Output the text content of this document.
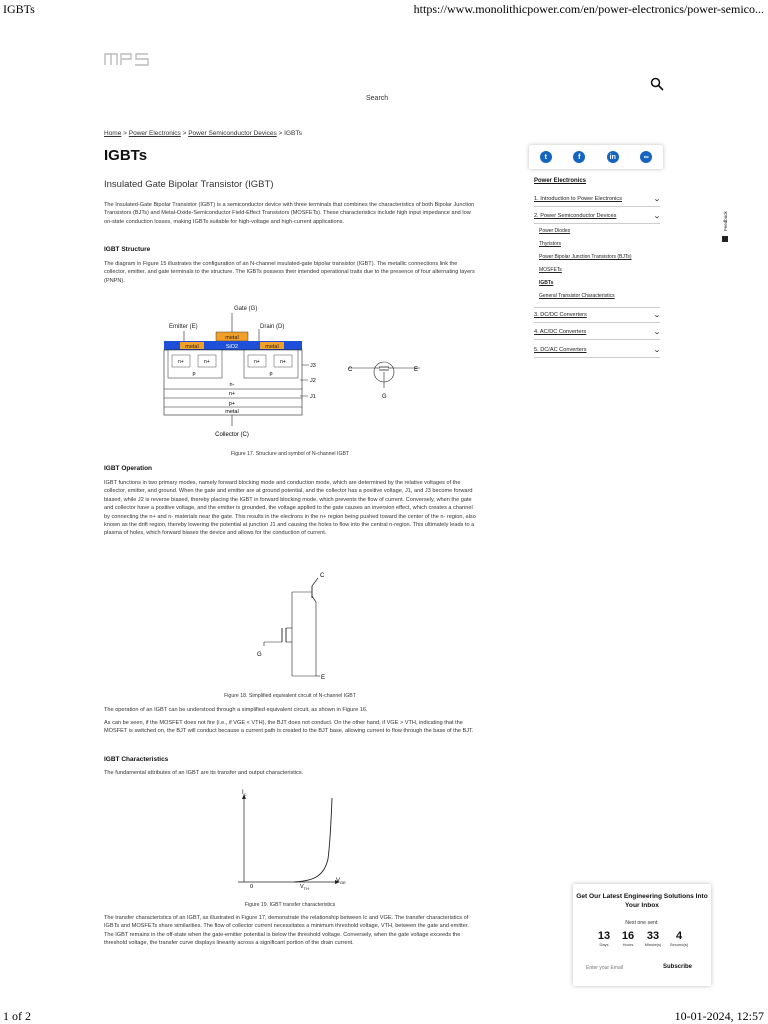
IGBTs	https://www.monolithicpower.com/en/power-electronics/power-semico...
1 of 2	10-01-2024, 12:57
Search
Home > Power Electronics > Power Semiconductor Devices > IGBTs
IGBTs
Insulated Gate Bipolar Transistor (IGBT)
The Insulated-Gate Bipolar Transistor (IGBT) is a semiconductor device with three terminals that combines the characteristics of both Bipolar Junction Transistors (BJTs) and Metal-Oxide-Semiconductor Field-Effect Transistors (MOSFETs). These characteristics include high input impedance and low on-state conduction losses, making IGBTs suitable for high-voltage and high-current applications.
IGBT Structure
The diagram in Figure 15 illustrates the configuration of an N-channel insulated-gate bipolar transistor (IGBT). The metallic connections link the collector, emitter, and gate terminals to the structure. The IGBTs possess their intended operational traits due to the presence of four alternating layers (PNPN).
Gate (G)
Emitter (E)	Drain (D)
metal
metal	metal
SiO2
n+	n+	n+	n+
p	p
n-
n+
p+
metal
Collector (C)
J3
J2
J1
C	E
G
Figure 17. Structure and symbol of N-channel IGBT
IGBT Operation
IGBT functions in two primary modes, namely forward blocking mode and conduction mode, which are determined by the relative voltages of the collector, emitter, and ground. When the gate and emitter are at ground potential, and the collector has a positive voltage, J1, and J3 become forward biased, while J2 is reverse biased, thereby placing the IGBT in forward blocking mode, which prevents the flow of current. Conversely, when the gate and collector have a positive voltage, and the emitter is grounded, the voltage applied to the gate causes an inversion effect, which creates a channel by connecting the n+ and n- materials near the gate. This results in the electrons in the n+ region being pushed toward the center of the n- region, also known as the drift region, thereby lowering the potential at junction J1 and causing the holes to flow into the central n-region. This ultimately leads to a plasma of holes, which forward biases the device and allows for the conduction of current.
C
G
E
Figure 18. Simplified equivalent circuit of N-channel IGBT
The operation of an IGBT can be understood through a simplified equivalent circuit, as shown in Figure 16.
As can be seen, if the MOSFET does not fire (i.e., if VGE < VTH), the BJT does not conduct. On the other hand, if VGE > VTH, indicating that the MOSFET is switched on, the BJT will conduct because a current path is created to the BJT base, allowing current to flow through the base of the BJT.
IGBT Characteristics
The fundamental attributes of an IGBT are its transfer and output characteristics.
$I_C$
$V_{GE}$
0	$V_{TH}$
Figure 19. IGBT transfer characteristics
The transfer characteristics of an IGBT, as illustrated in Figure 17, demonstrate the relationship between Ic and VGE. The transfer characteristics of IGBTs and MOSFETs share similarities. The flow of collector current necessitates a minimum threshold voltage, VTH, between the gate and emitter. The IGBT remains in the off-state when the gate-emitter potential is below the threshold voltage. Conversely, when the gate voltage exceeds the threshold voltage, the transfer curve displays linearity across a significant portion of the drain current.
t	f	in	∞
Power Electronics
1. Introduction to Power Electronics	⌄
2. Power Semiconductor Devices	⌄
Power Diodes
Thyristors
Power Bipolar Junction Transistors (BJTs)
MOSFETs
IGBTs
General Transistor Characteristics
3. DC/DC Converters	⌄
4. AC/DC Converters	⌄
5. DC/AC Converters	⌄
Feedback
Get Our Latest Engineering Solutions Into Your Inbox
Next one sent:
13
Days
16
Hours
33
Minute(s)
4
Second(s)
Enter your Email
Subscribe
